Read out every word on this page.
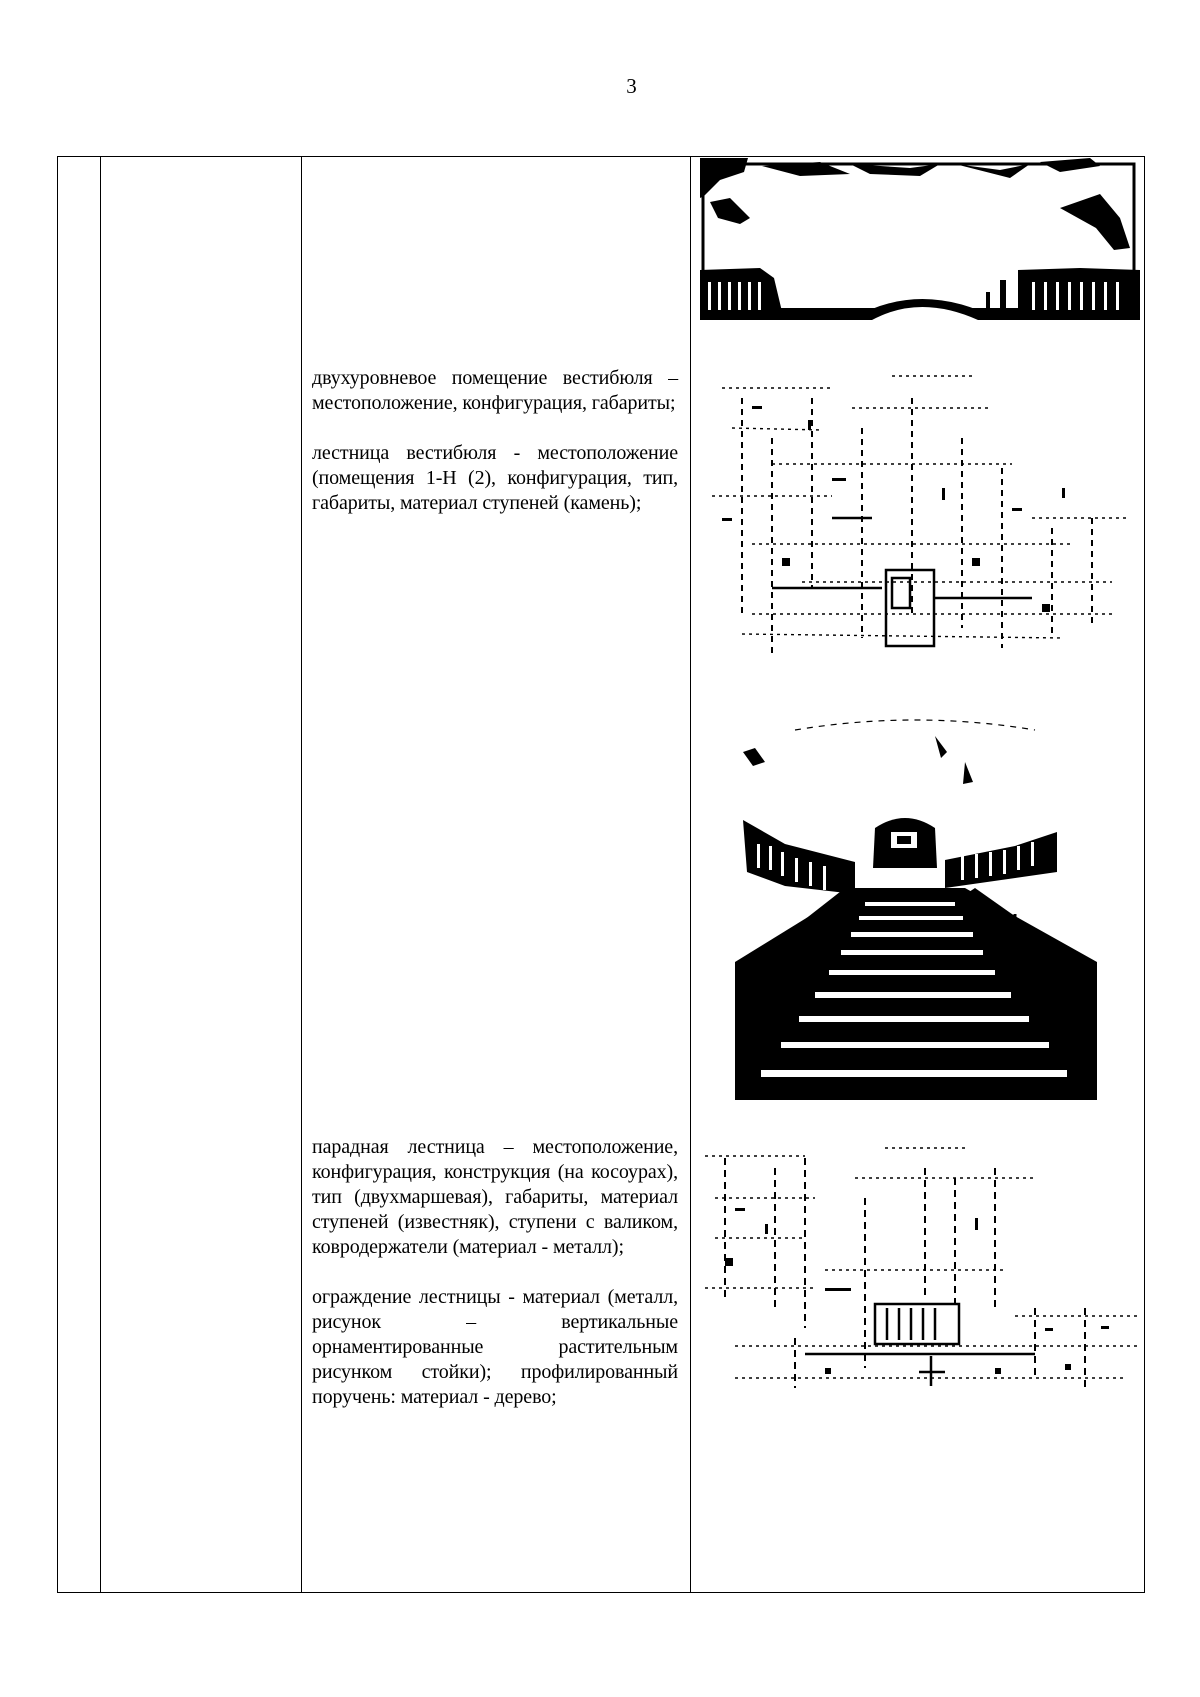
3

двухуровневое помещение вестибюля – местоположение, конфигурация, габариты;

лестница вестибюля - местоположение (помещения 1-Н (2), конфигурация, тип, габариты, материал ступеней (камень);

парадная лестница – местоположение, конфигурация, конструкция (на косоурах), тип (двухмаршевая), габариты, материал ступеней (известняк), ступени с валиком, ковродержатели (материал - металл);

ограждение лестницы - материал (металл, рисунок – вертикальные орнаментированные растительным рисунком стойки); профилированный поручень: материал - дерево;
